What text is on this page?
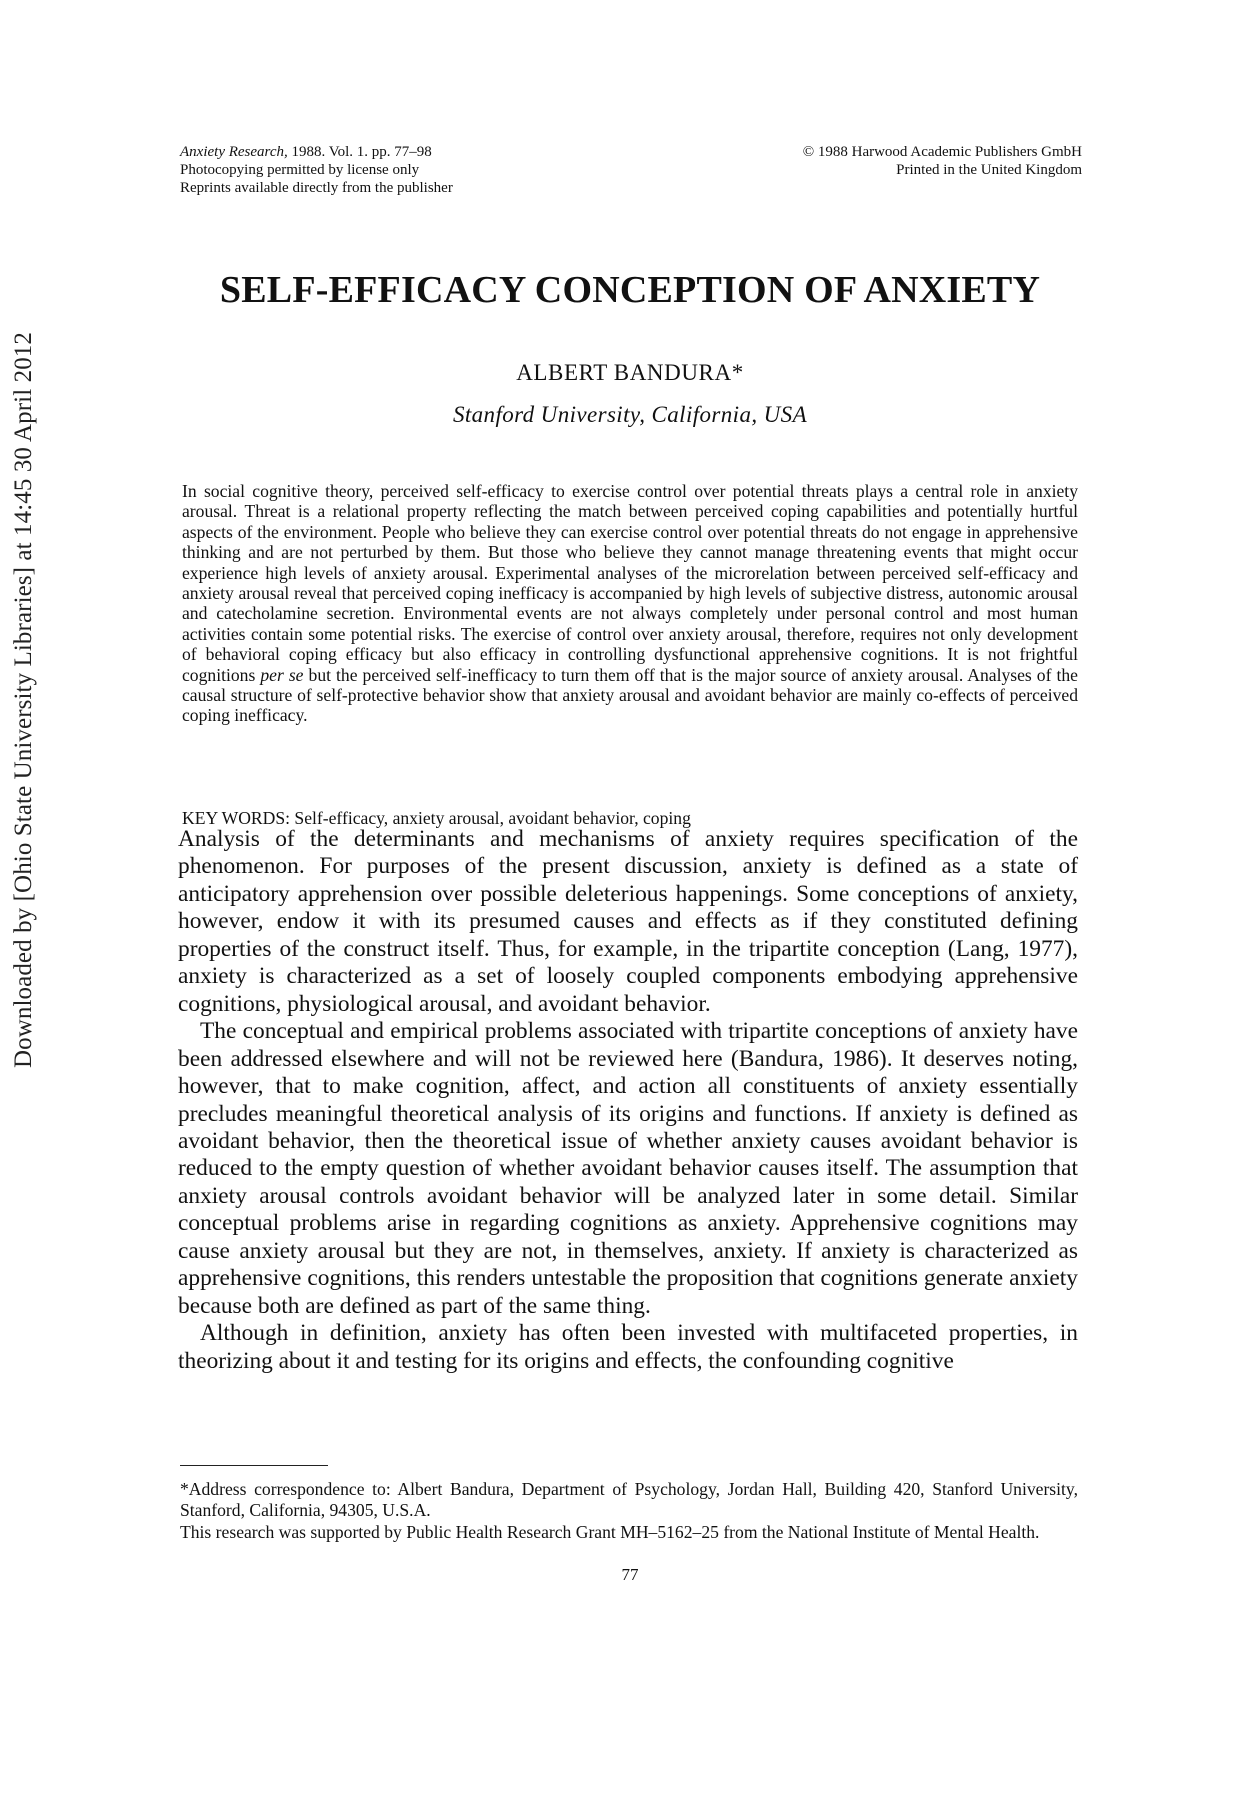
Downloaded by [Ohio State University Libraries] at 14:45 30 April 2012
Anxiety Research, 1988. Vol. 1. pp. 77–98
Photocopying permitted by license only
Reprints available directly from the publisher
© 1988 Harwood Academic Publishers GmbH
Printed in the United Kingdom
SELF-EFFICACY CONCEPTION OF ANXIETY
ALBERT BANDURA*
Stanford University, California, USA
In social cognitive theory, perceived self-efficacy to exercise control over potential threats plays a central role in anxiety arousal. Threat is a relational property reflecting the match between perceived coping capabilities and potentially hurtful aspects of the environment. People who believe they can exercise control over potential threats do not engage in apprehensive thinking and are not perturbed by them. But those who believe they cannot manage threatening events that might occur experience high levels of anxiety arousal. Experimental analyses of the microrelation between perceived self-efficacy and anxiety arousal reveal that perceived coping inefficacy is accompanied by high levels of subjective distress, autonomic arousal and catecholamine secretion. Environmental events are not always completely under personal control and most human activities contain some potential risks. The exercise of control over anxiety arousal, therefore, requires not only development of behavioral coping efficacy but also efficacy in controlling dysfunctional apprehensive cognitions. It is not frightful cognitions per se but the perceived self-inefficacy to turn them off that is the major source of anxiety arousal. Analyses of the causal structure of self-protective behavior show that anxiety arousal and avoidant behavior are mainly co-effects of perceived coping inefficacy.
KEY WORDS: Self-efficacy, anxiety arousal, avoidant behavior, coping

Analysis of the determinants and mechanisms of anxiety requires specification of the phenomenon. For purposes of the present discussion, anxiety is defined as a state of anticipatory apprehension over possible deleterious happenings. Some conceptions of anxiety, however, endow it with its presumed causes and effects as if they constituted defining properties of the construct itself. Thus, for example, in the tripartite conception (Lang, 1977), anxiety is characterized as a set of loosely coupled components embodying apprehensive cognitions, physiological arousal, and avoidant behavior.

The conceptual and empirical problems associated with tripartite conceptions of anxiety have been addressed elsewhere and will not be reviewed here (Bandura, 1986). It deserves noting, however, that to make cognition, affect, and action all constituents of anxiety essentially precludes meaningful theoretical analysis of its origins and functions. If anxiety is defined as avoidant behavior, then the theoretical issue of whether anxiety causes avoidant behavior is reduced to the empty question of whether avoidant behavior causes itself. The assumption that anxiety arousal controls avoidant behavior will be analyzed later in some detail. Similar conceptual problems arise in regarding cognitions as anxiety. Apprehensive cognitions may cause anxiety arousal but they are not, in themselves, anxiety. If anxiety is characterized as apprehensive cognitions, this renders untestable the proposition that cognitions generate anxiety because both are defined as part of the same thing.

Although in definition, anxiety has often been invested with multifaceted properties, in theorizing about it and testing for its origins and effects, the confounding cognitive

*Address correspondence to: Albert Bandura, Department of Psychology, Jordan Hall, Building 420, Stanford University, Stanford, California, 94305, U.S.A.

This research was supported by Public Health Research Grant MH–5162–25 from the National Institute of Mental Health.

77
